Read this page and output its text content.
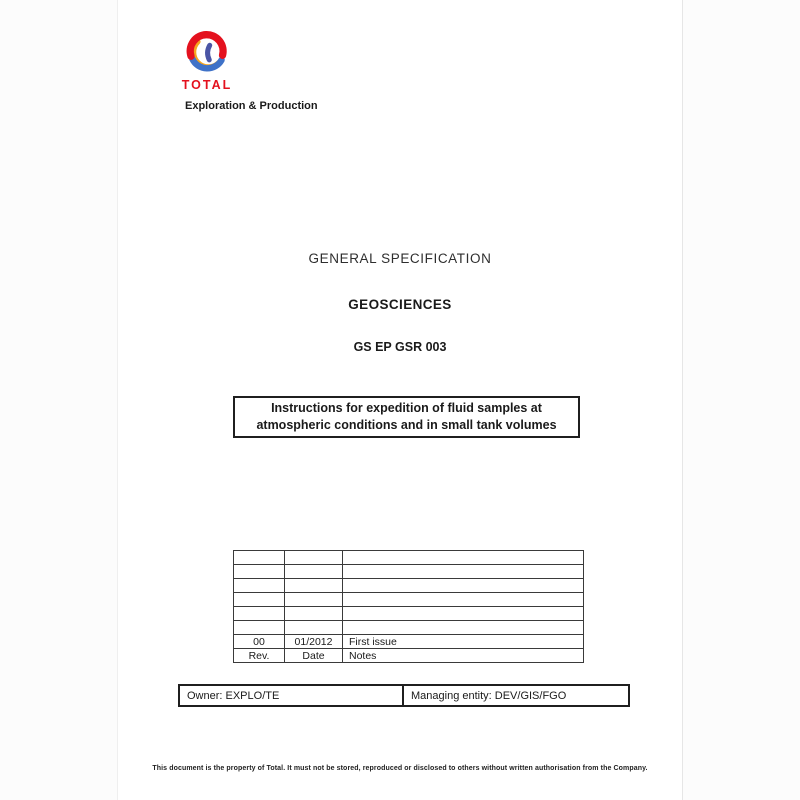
TOTAL
Exploration & Production
GENERAL SPECIFICATION
GEOSCIENCES
GS EP GSR 003
Instructions for expedition of fluid samples at
atmospheric conditions and in small tank volumes

00	01/2012	First issue
Rev.	Date	Notes
Owner: EXPLO/TE	Managing entity: DEV/GIS/FGO
This document is the property of Total. It must not be stored, reproduced or disclosed to others without written authorisation from the Company.
